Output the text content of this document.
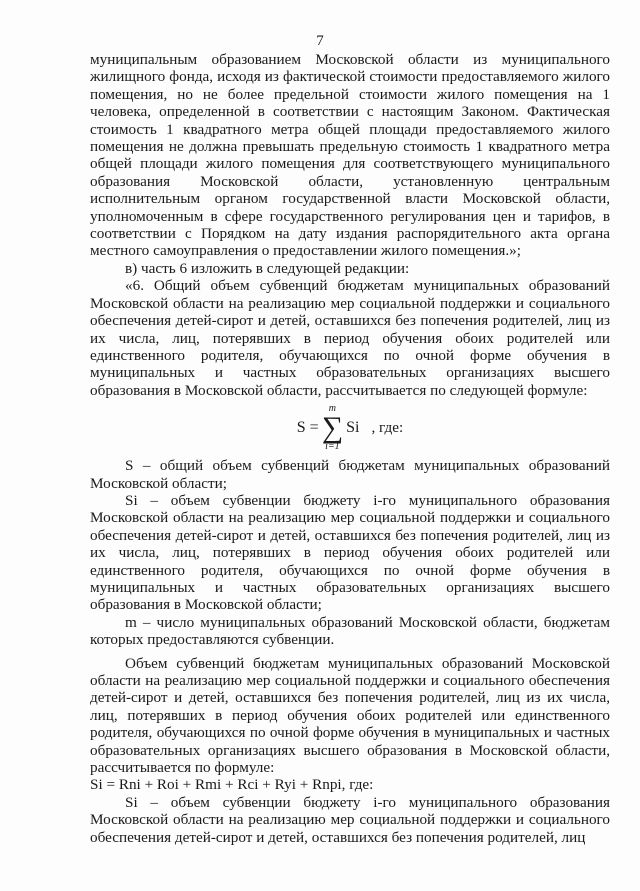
7

муниципальным образованием Московской области из муниципального жилищного фонда, исходя из фактической стоимости предоставляемого жилого помещения, но не более предельной стоимости жилого помещения на 1 человека, определенной в соответствии с настоящим Законом. Фактическая стоимость 1 квадратного метра общей площади предоставляемого жилого помещения не должна превышать предельную стоимость 1 квадратного метра общей площади жилого помещения для соответствующего муниципального образования Московской области, установленную центральным исполнительным органом государственной власти Московской области, уполномоченным в сфере государственного регулирования цен и тарифов, в соответствии с Порядком на дату издания распорядительного акта органа местного самоуправления о предоставлении жилого помещения.»;

в) часть 6 изложить в следующей редакции:

«6. Общий объем субвенций бюджетам муниципальных образований Московской области на реализацию мер социальной поддержки и социального обеспечения детей-сирот и детей, оставшихся без попечения родителей, лиц из их числа, лиц, потерявших в период обучения обоих родителей или единственного родителя, обучающихся по очной форме обучения в муниципальных и частных образовательных организациях высшего образования в Московской области, рассчитывается по следующей формуле:

S =
m
∑
i=1
Si , где:

S – общий объем субвенций бюджетам муниципальных образований Московской области;

Si – объем субвенции бюджету i-го муниципального образования Московской области на реализацию мер социальной поддержки и социального обеспечения детей-сирот и детей, оставшихся без попечения родителей, лиц из их числа, лиц, потерявших в период обучения обоих родителей или единственного родителя, обучающихся по очной форме обучения в муниципальных и частных образовательных организациях высшего образования в Московской области;

m – число муниципальных образований Московской области, бюджетам которых предоставляются субвенции.

Объем субвенций бюджетам муниципальных образований Московской области на реализацию мер социальной поддержки и социального обеспечения детей-сирот и детей, оставшихся без попечения родителей, лиц из их числа, лиц, потерявших в период обучения обоих родителей или единственного родителя, обучающихся по очной форме обучения в муниципальных и частных образовательных организациях высшего образования в Московской области, рассчитывается по формуле:

Si = Rni + Roi + Rmi + Rci + Ryi + Rnpi, где:

Si – объем субвенции бюджету i-го муниципального образования Московской области на реализацию мер социальной поддержки и социального обеспечения детей-сирот и детей, оставшихся без попечения родителей, лиц
